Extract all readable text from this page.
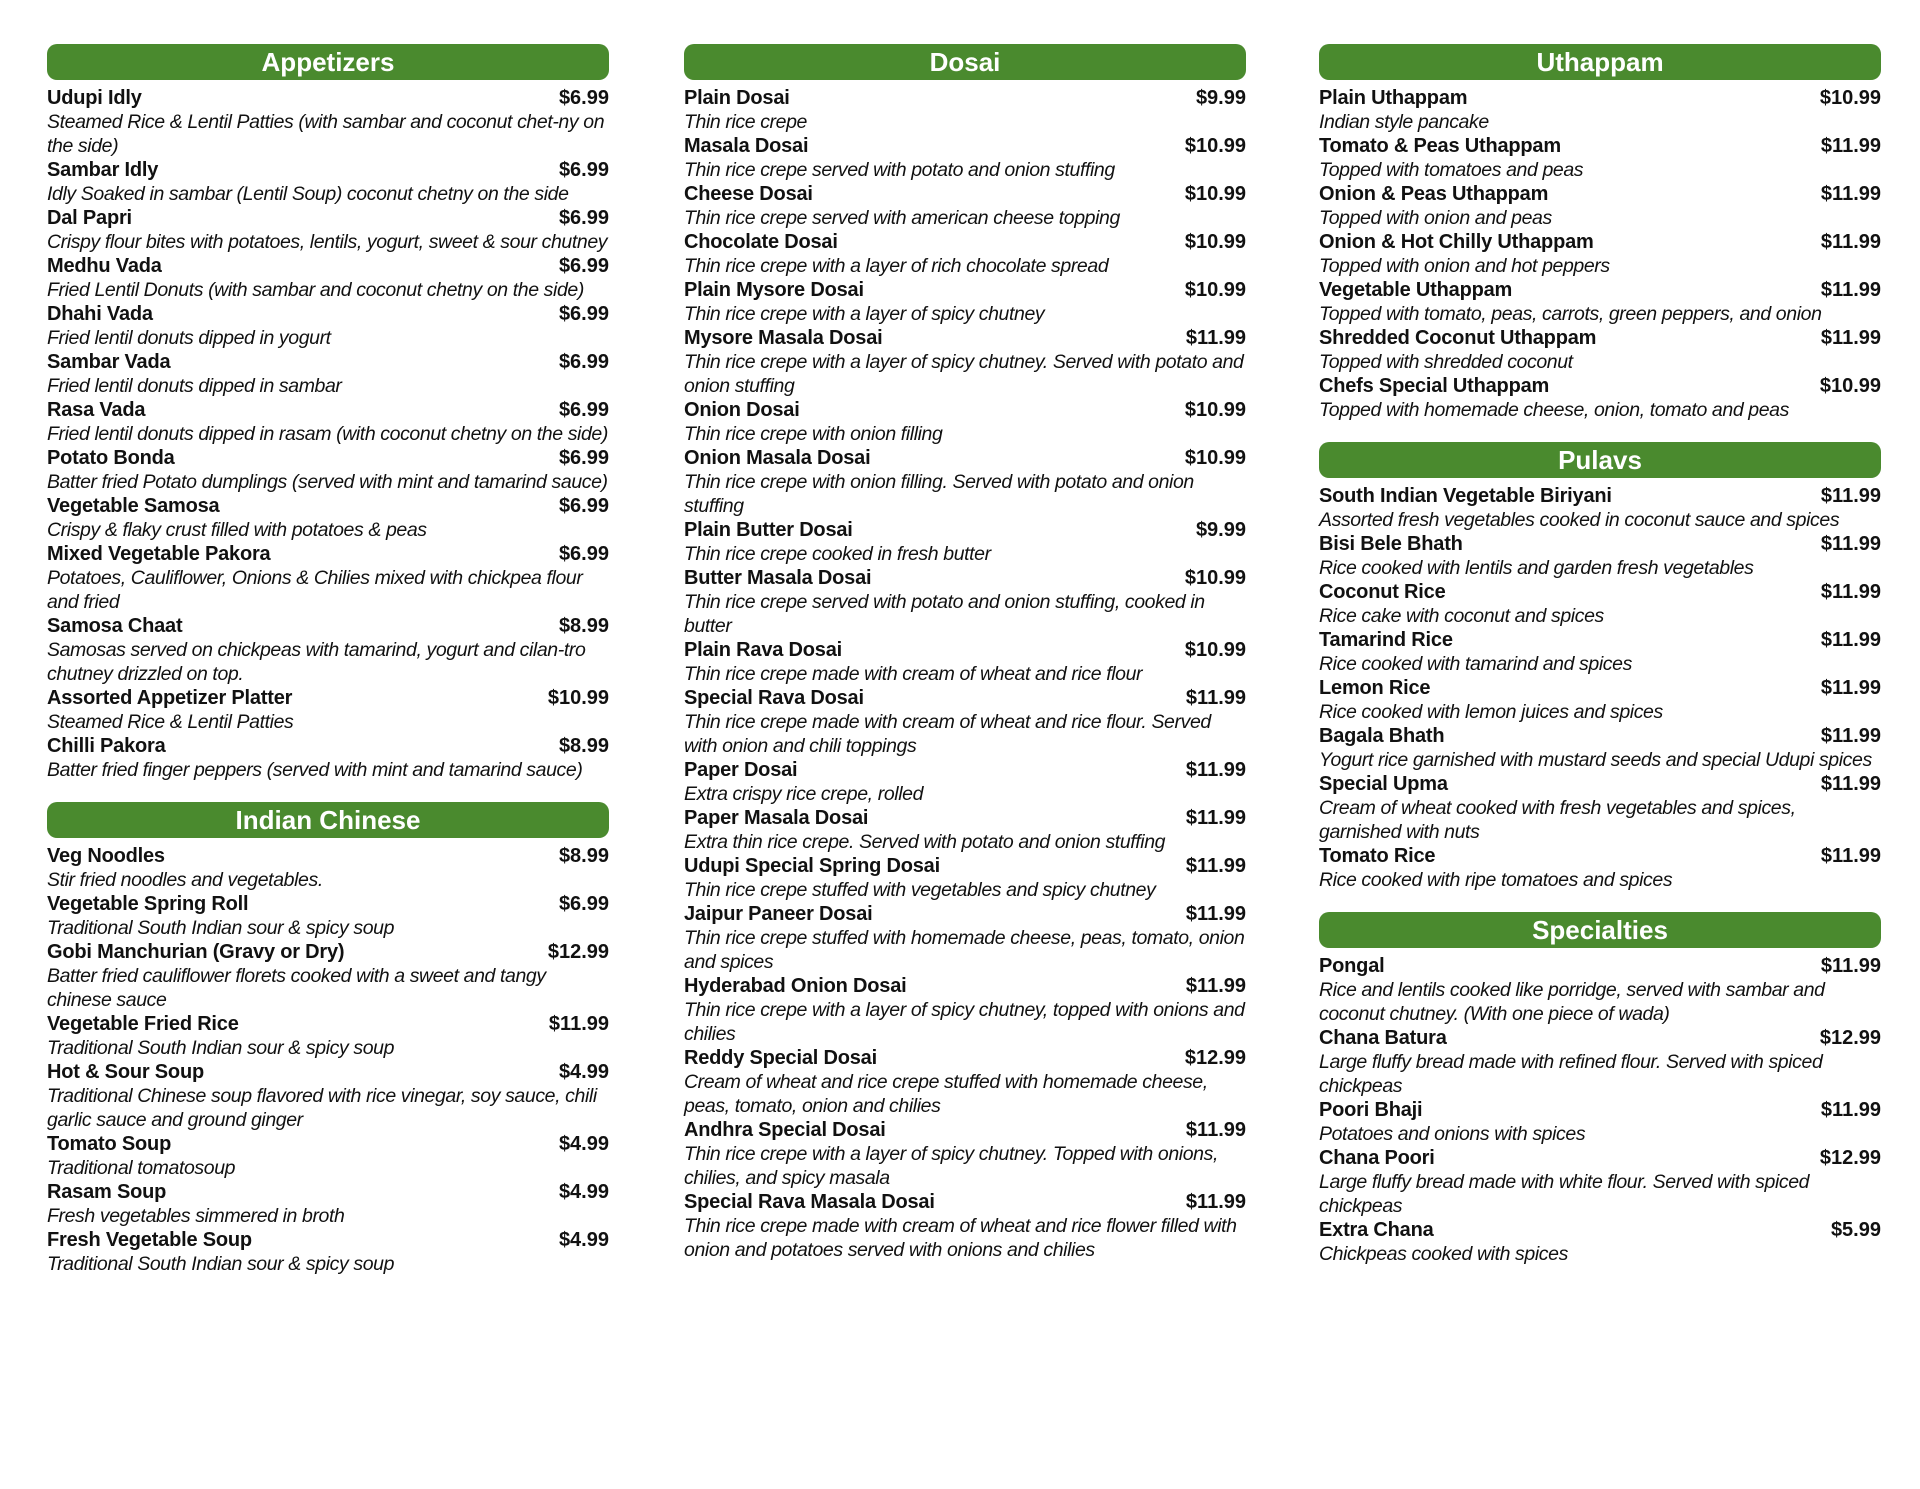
Appetizers
Udupi Idly	$6.99
Steamed Rice & Lentil Patties (with sambar and coconut chet-ny on the side)
Sambar Idly	$6.99
Idly Soaked in sambar (Lentil Soup) coconut chetny on the side
Dal Papri	$6.99
Crispy flour bites with potatoes, lentils, yogurt, sweet & sour chutney
Medhu Vada	$6.99
Fried Lentil Donuts (with sambar and coconut chetny on the side)
Dhahi Vada	$6.99
Fried lentil donuts dipped in yogurt
Sambar Vada	$6.99
Fried lentil donuts dipped in sambar
Rasa Vada	$6.99
Fried lentil donuts dipped in rasam (with coconut chetny on the side)
Potato Bonda	$6.99
Batter fried Potato dumplings (served with mint and tamarind sauce)
Vegetable Samosa	$6.99
Crispy & flaky crust filled with potatoes & peas
Mixed Vegetable Pakora	$6.99
Potatoes, Cauliflower, Onions & Chilies mixed with chickpea flour and fried
Samosa Chaat	$8.99
Samosas served on chickpeas with tamarind, yogurt and cilan-tro chutney drizzled on top.
Assorted Appetizer Platter	$10.99
Steamed Rice & Lentil Patties
Chilli Pakora	$8.99
Batter fried finger peppers (served with mint and tamarind sauce)
Indian Chinese
Veg Noodles	$8.99
Stir fried noodles and vegetables.
Vegetable Spring Roll	$6.99
Traditional South Indian sour & spicy soup
Gobi Manchurian (Gravy or Dry)	$12.99
Batter fried cauliflower florets cooked with a sweet and tangy chinese sauce
Vegetable Fried Rice	$11.99
Traditional South Indian sour & spicy soup
Hot & Sour Soup	$4.99
Traditional Chinese soup flavored with rice vinegar, soy sauce, chili garlic sauce and ground ginger
Tomato Soup	$4.99
Traditional tomatosoup
Rasam Soup	$4.99
Fresh vegetables simmered in broth
Fresh Vegetable Soup	$4.99
Traditional South Indian sour & spicy soup
Dosai
Plain Dosai	$9.99
Thin rice crepe
Masala Dosai	$10.99
Thin rice crepe served with potato and onion stuffing
Cheese Dosai	$10.99
Thin rice crepe served with american cheese topping
Chocolate Dosai	$10.99
Thin rice crepe with a layer of rich chocolate spread
Plain Mysore Dosai	$10.99
Thin rice crepe with a layer of spicy chutney
Mysore Masala Dosai	$11.99
Thin rice crepe with a layer of spicy chutney. Served with potato and onion stuffing
Onion Dosai	$10.99
Thin rice crepe with onion filling
Onion Masala Dosai	$10.99
Thin rice crepe with onion filling. Served with potato and onion stuffing
Plain Butter Dosai	$9.99
Thin rice crepe cooked in fresh butter
Butter Masala Dosai	$10.99
Thin rice crepe served with potato and onion stuffing, cooked in butter
Plain Rava Dosai	$10.99
Thin rice crepe made with cream of wheat and rice flour
Special Rava Dosai	$11.99
Thin rice crepe made with cream of wheat and rice flour. Served with onion and chili toppings
Paper Dosai	$11.99
Extra crispy rice crepe, rolled
Paper Masala Dosai	$11.99
Extra thin rice crepe. Served with potato and onion stuffing
Udupi Special Spring Dosai	$11.99
Thin rice crepe stuffed with vegetables and spicy chutney
Jaipur Paneer Dosai	$11.99
Thin rice crepe stuffed with homemade cheese, peas, tomato, onion and spices
Hyderabad Onion Dosai	$11.99
Thin rice crepe with a layer of spicy chutney, topped with onions and chilies
Reddy Special Dosai	$12.99
Cream of wheat and rice crepe stuffed with homemade cheese, peas, tomato, onion and chilies
Andhra Special Dosai	$11.99
Thin rice crepe with a layer of spicy chutney. Topped with onions, chilies, and spicy masala
Special Rava Masala Dosai	$11.99
Thin rice crepe made with cream of wheat and rice flower filled with onion and potatoes served with onions and chilies
Uthappam
Plain Uthappam	$10.99
Indian style pancake
Tomato & Peas Uthappam	$11.99
Topped with tomatoes and peas
Onion & Peas Uthappam	$11.99
Topped with onion and peas
Onion & Hot Chilly Uthappam	$11.99
Topped with onion and hot peppers
Vegetable Uthappam	$11.99
Topped with tomato, peas, carrots, green peppers, and onion
Shredded Coconut Uthappam	$11.99
Topped with shredded coconut
Chefs Special Uthappam	$10.99
Topped with homemade cheese, onion, tomato and peas
Pulavs
South Indian Vegetable Biriyani	$11.99
Assorted fresh vegetables cooked in coconut sauce and spices
Bisi Bele Bhath	$11.99
Rice cooked with lentils and garden fresh vegetables
Coconut Rice	$11.99
Rice cake with coconut and spices
Tamarind Rice	$11.99
Rice cooked with tamarind and spices
Lemon Rice	$11.99
Rice cooked with lemon juices and spices
Bagala Bhath	$11.99
Yogurt rice garnished with mustard seeds and special Udupi spices
Special Upma	$11.99
Cream of wheat cooked with fresh vegetables and spices, garnished with nuts
Tomato Rice	$11.99
Rice cooked with ripe tomatoes and spices
Specialties
Pongal	$11.99
Rice and lentils cooked like porridge, served with sambar and coconut chutney. (With one piece of wada)
Chana Batura	$12.99
Large fluffy bread made with refined flour. Served with spiced chickpeas
Poori Bhaji	$11.99
Potatoes and onions with spices
Chana Poori	$12.99
Large fluffy bread made with white flour. Served with spiced chickpeas
Extra Chana	$5.99
Chickpeas cooked with spices
